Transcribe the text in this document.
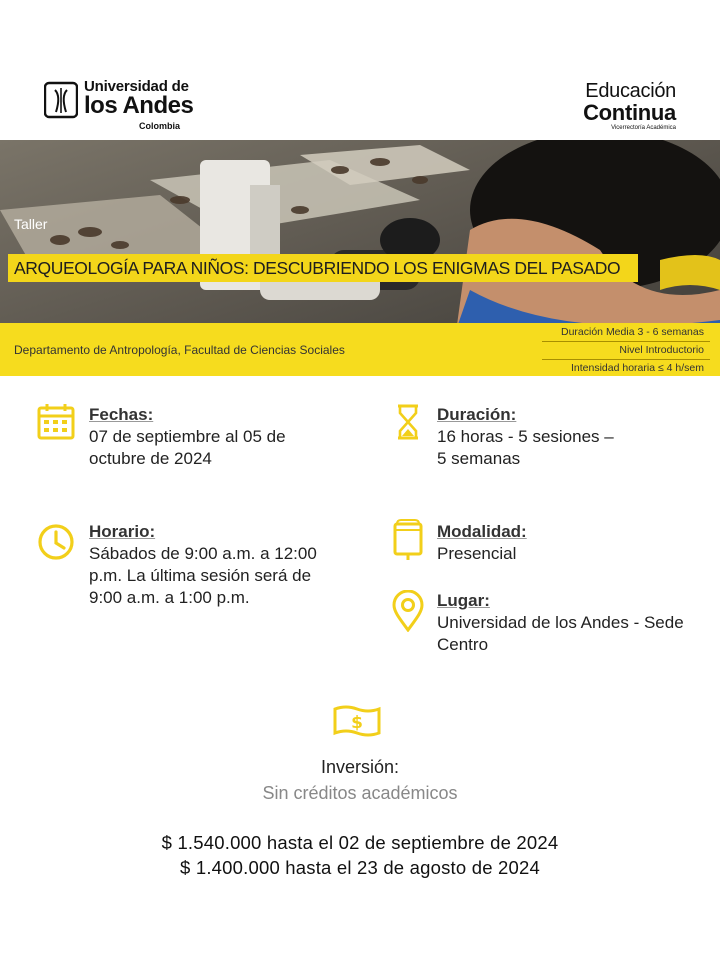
Universidad de
los Andes
Colombia
Educación
Continua
Vicerrectoría Académica
Taller
ARQUEOLOGÍA PARA NIÑOS: DESCUBRIENDO LOS ENIGMAS DEL PASADO
Departamento de Antropología, Facultad de Ciencias Sociales
Duración Media 3 - 6 semanas
Nivel Introductorio
Intensidad horaria ≤ 4 h/sem
Fechas:
07 de septiembre al 05 de
octubre de 2024
Horario:
Sábados de 9:00 a.m. a 12:00
p.m. La última sesión será de
9:00 a.m. a 1:00 p.m.
Duración:
16 horas - 5 sesiones –
5 semanas
Modalidad:
Presencial
Lugar:
Universidad de los Andes - Sede
Centro
$
Inversión:
Sin créditos académicos
$ 1.540.000 hasta el 02 de septiembre de 2024
$ 1.400.000 hasta el 23 de agosto de 2024
